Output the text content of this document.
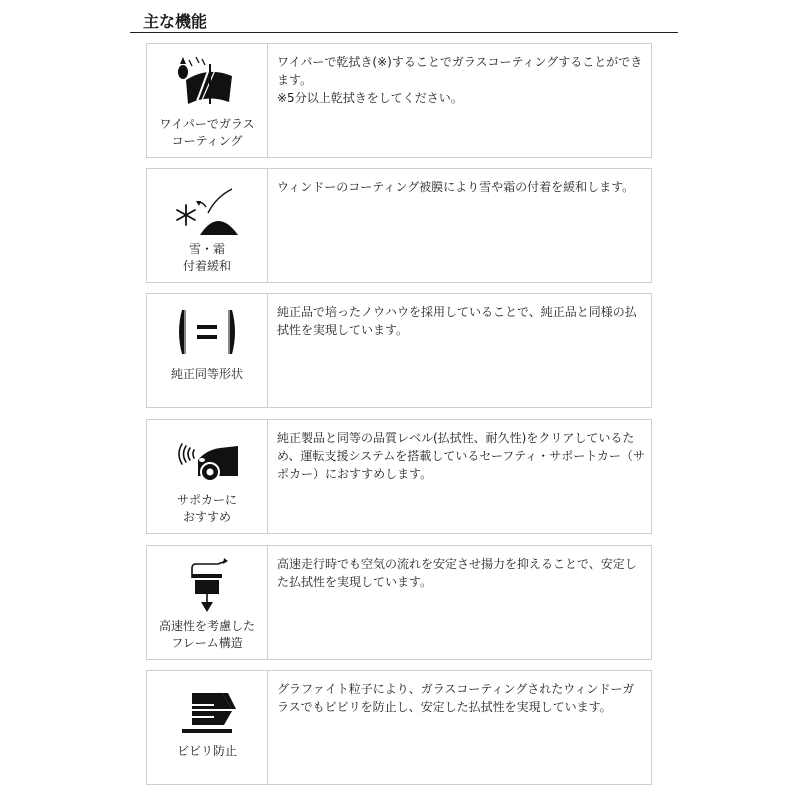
主な機能
ワイパーでガラス
コーティング
ワイパーで乾拭き(※)することでガラスコーティングすることができます。
※5分以上乾拭きをしてください。
雪・霜
付着緩和
ウィンドーのコーティング被膜により雪や霜の付着を緩和します。
純正同等形状
純正品で培ったノウハウを採用していることで、純正品と同様の払拭性を実現しています。
サポカーに
おすすめ
純正製品と同等の品質レベル(払拭性、耐久性)をクリアしているため、運転支援システムを搭載しているセーフティ・サポートカー（サポカー）におすすめします。
高速性を考慮した
フレーム構造
高速走行時でも空気の流れを安定させ揚力を抑えることで、安定した払拭性を実現しています。
ビビリ防止
グラファイト粒子により、ガラスコーティングされたウィンドーガラスでもビビリを防止し、安定した払拭性を実現しています。
